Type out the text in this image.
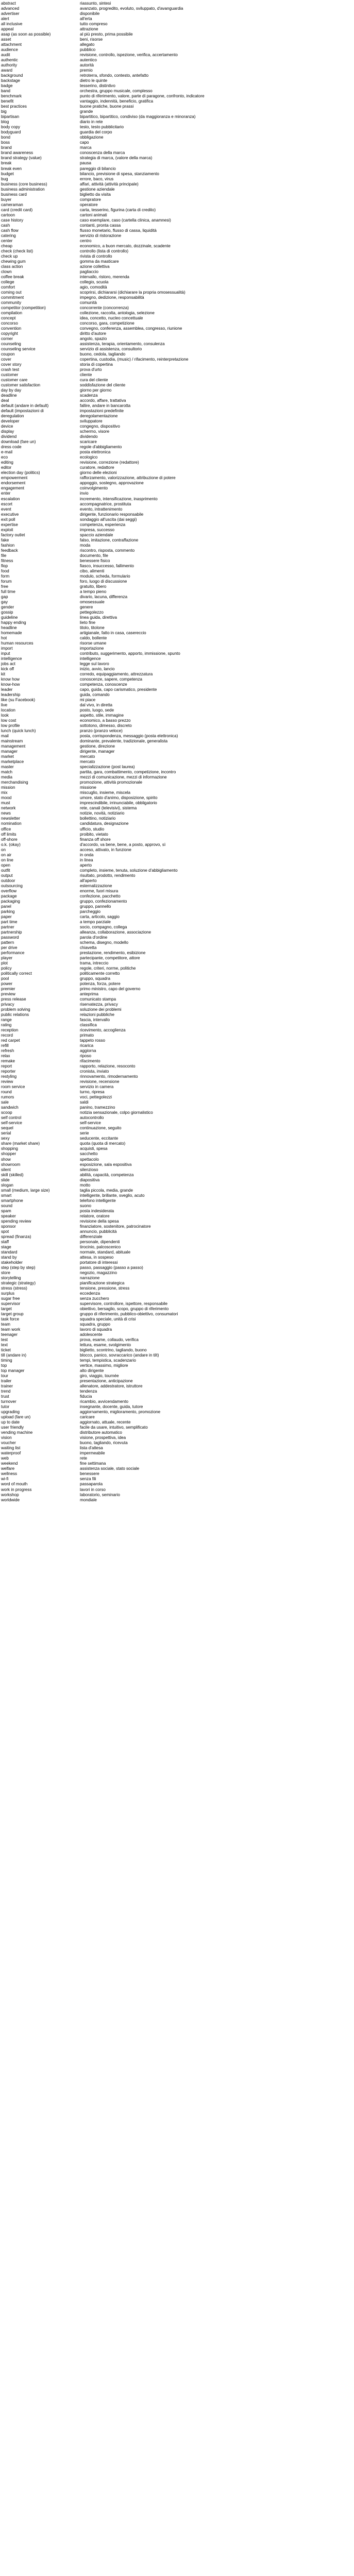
abstract	riassunto, sintesi
advanced	avanzato, progredito, evoluto, sviluppato, d'avanguardia
advertiser	disponibile
alert	all'erta
all inclusive	tutto compreso
appeal	attrazione
asap (as soon as possible)	al più presto, prima possibile
asset	beni, risorse
attachment	allegato
audience	pubblico
audit	revisione, controllo, ispezione, verifica, accertamento
authentic	autentico
authority	autorità
award	premio
background	retroterra, sfondo, contesto, antefatto
backstage	dietro le quinte
badge	tesserino, distintivo
band	orchestra, gruppo musicale, complesso
benchmark	punto di riferimento, valore, parte di paragone, confronto, indicatore
benefit	vantaggio, indennità, beneficio, gratifica
best practices	buone pratiche, buone prassi
big	grande
bipartisan	bipartitico, bipartitico, condiviso (da maggioranza e minoranza)
blog	diario in rete
body copy	testo, testo pubblicitario
bodyguard	guardia del corpo
bond	obbligazione
boss	capo
brand	marca
brand awareness	conoscenza della marca
brand strategy (value)	strategia di marca, (valore della marca)
break	pausa
break even	pareggio di bilancio
budget	bilancio, previsione di spesa, stanziamento
bug	errore, baco, virus
business (core business)	affari, attività (attività principale)
business administration	gestione aziendale
business card	biglietto da visita
buyer	compratore
cameraman	operatore
card (credit card)	carta, tesserino, figurina (carta di credito)
cartoon	cartoni animati
case history	caso esemplare, caso (cartella clinica, anamnesi)
cash	contanti, pronta cassa
cash flow	flusso monetario, flusso di cassa, liquidità
catering	servizio di ristorazione
center	centro
cheap	economico, a buon mercato, dozzinale, scadente
check (check list)	controllo (lista di controllo)
check up	rivista di controllo
chewing gum	gomma da masticare
class action	azione collettiva
clown	pagliaccio
coffee break	intervallo, ristoro, merenda
college	collegio, scuola
comfort	agio, comodità
coming out	scoprirsi, dichiararsi (dichiarare la propria omosessualità)
commitment	impegno, dedizione, responsabilità
community	comunità
competitor (competition)	concorrente (concorrenza)
compilation	collezione, raccolta, antologia, selezione
concept	idea, concetto, nucleo concettuale
concorso	concorso, gara, competizione
convention	convegno, conferenza, assemblea, congresso, riunione
copyright	diritto d'autore
corner	angolo, spazio
counseling	assistenza, terapia, orientamento, consulenza
counseling service	servizio di assistenza, consultorio
coupon	buono, cedola, tagliando
cover	copertina, custodia, (music) / rifacimento, reinterpretazione
cover story	storia di copertina
crash test	prova d'urto
customer	cliente
customer care	cura del cliente
customer satisfaction	soddisfazione del cliente
day by day	giorno per giorno
deadline	scadenza
deal	accordo, affare, trattativa
default (andare in default)	fallire, andare in bancarotta
default (impostazioni di	impostazioni predefinite
deregulation	deregolamentazione
developer	sviluppatore
device	congegno, dispositivo
display	schermo, visore
dividend	dividendo
download (fare un)	scaricare
dress code	regole d'abbigliamento
e-mail	posta elettronica
eco	ecologico
editing	revisione, correzione (redattore)
editor	curatore, redattore
election day (politics)	giorno delle elezioni
empowerment	rafforzamento, valorizzazione, attribuzione di potere
endorsement	appoggio, sostegno, approvazione
engagement	coinvolgimento
enter	invio
escalation	incremento, intensificazione, inasprimento
escort	accompagnatrice, prostituta
event	evento, intrattenimento
executive	dirigente, funzionario responsabile
exit poll	sondaggio all'uscita (dai seggi)
expertise	competenza, esperienza
exploit	impresa, successo
factory outlet	spaccio aziendale
fake	falso, imitazione, contraffazione
fashion	moda
feedback	riscontro, risposta, commento
file	documento, file
fitness	benessere fisico
flop	fiasco, insuccesso, fallimento
food	cibo, alimenti
form	modulo, scheda, formulario
forum	foro, luogo di discussione
free	gratuito, libero
full time	a tempo pieno
gap	divario, lacuna, differenza
gay	omosessuale
gender	genere
gossip	pettegolezzo
guideline	linea guida, direttiva
happy ending	lieto fine
headline	titolo, titolone
homemade	artigianale, fatto in casa, casereccio
hot	caldo, bollente
human resources	risorse umane
import	importazione
input	contributo, suggerimento, apporto, immissione, spunto
intelligence	intelligence
jobs act	legge sul lavoro
kick off	inizio, avvio, lancio
kit	corredo, equipaggiamento, attrezzatura
know how	conoscenze, sapere, competenza
know-how	competenza, conoscenze
leader	capo, guida, capo carismatico, presidente
leadership	guida, comando
like (su Facebook)	mi piace
live	dal vivo, in diretta
location	posto, luogo, sede
look	aspetto, stile, immagine
low cost	economico, a basso prezzo
low profile	sottotono, dimesso, discreto
lunch (quick lunch)	pranzo (pranzo veloce)
mail	posta, corrispondenza, messaggio (posta elettronica)
mainstream	dominante, prevalente, tradizionale, generalista
management	gestione, direzione
manager	dirigente, manager
market	mercato
marketplace	mercato
master	specializzazione (post laurea)
match	partita, gara, combattimento, competizione, incontro
media	mezzi di comunicazione, mezzi di informazione
merchandising	promozione, attività promozionale
mission	missione
mix	miscuglio, insieme, miscela
mood	umore, stato d'animo, disposizione, spirito
must	imprescindibile, irrinunciabile, obbligatorio
network	rete, canali (televisivi), sistema
news	notizie, novità, notiziario
newsletter	bollettino, notiziario
nomination	candidatura, designazione
office	ufficio, studio
off limits	proibito, vietato
off-shore	finanza off shore
o.k. (okay)	d'accordo, va bene, bene, a posto, approvo, sì
on	acceso, attivato, in funzione
on air	in onda
on line	in linea
open	aperto
outfit	completo, insieme, tenuta, soluzione d'abbigliamento
output	risultato, prodotto, rendimento
outdoor	all'aperto
outsourcing	esternalizzazione
overflow	enorme, fuori misura
package	confezione, pacchetto
packaging	gruppo, confezionamento
panel	gruppo, pannello
parking	parcheggio
paper	carta, articolo, saggio
part time	a tempo parziale
partner	socio, compagno, collega
partnership	alleanza, collaborazione, associazione
password	parola d'ordine
pattern	schema, disegno, modello
per drive	chiavetta
performance	prestazione, rendimento, esibizione
player	partecipante, competitore, attore
plot	trama, intreccio
policy	regole, criteri, norme, politiche
politically correct	politicamente corretto
pool	gruppo, squadra
power	potenza, forza, potere
premier	primo ministro, capo del governo
preview	anteprima
press release	comunicato stampa
privacy	riservatezza, privacy
problem solving	soluzione dei problemi
public relations	relazioni pubbliche
range	fascia, intervallo
rating	classifica
reception	ricevimento, accoglienza
record	primato
red carpet	tappeto rosso
refill	ricarica
refresh	aggiorna
relax	riposo
remake	rifacimento
report	rapporto, relazione, resoconto
reporter	cronista, inviato
restyling	rinnovamento, rimodernamento
review	revisione, recensione
room service	servizio in camera
round	turno, ripresa
rumors	voci, pettegolezzi
sale	saldi
sandwich	panino, tramezzino
scoop	notizia sensazionale, colpo giornalistico
self control	autocontrollo
self-service	self-service
sequel	continuazione, seguito
serial	serie
sexy	seducente, eccitante
share (market share)	quota (quota di mercato)
shopping	acquisti, spesa
shopper	sacchetto
show	spettacolo
showroom	esposizione, sala espositiva
silent	silenzioso
skill (skilled)	abilità, capacità, competenza
slide	diapositiva
slogan	motto
small (medium, large size)	taglia piccola, media, grande
smart	intelligente, brillante, sveglio, acuto
smartphone	telefono intelligente
sound	suono
spam	posta indesiderata
speaker	relatore, oratore
spending review	revisione della spesa
sponsor	finanziatore, sostenitore, patrocinatore
spot	annuncio, pubblicità
spread (finanza)	differenziale
staff	personale, dipendenti
stage	tirocinio, palcoscenico
standard	normale, standard, abituale
stand by	attesa, in sospeso
stakeholder	portatore di interessi
step (step by step)	passo, passaggio (passo a passo)
store	negozio, magazzino
storytelling	narrazione
strategic (strategy)	pianificazione strategica
stress (stress)	tensione, pressione, stress
surplus	eccedenza
sugar free	senza zucchero
supervisor	supervisore, controllore, ispettore, responsabile
target	obiettivo, bersaglio, scopo, gruppo di riferimento
target group	gruppo di riferimento, pubblico-obiettivo, consumatori
task force	squadra speciale, unità di crisi
team	squadra, gruppo
team work	lavoro di squadra
teenager	adolescente
test	prova, esame, collaudo, verifica
text	lettura, esame, svolgimento
ticket	biglietto, scontrino, tagliando, buono
till (andare in)	blocco, panico, sovraccarico (andare in tilt)
timing	tempi, tempistica, scadenzario
top	vertice, massimo, migliore
top manager	alto dirigente
tour	giro, viaggio, tournée
trailer	presentazione, anticipazione
trainer	allenatore, addestratore, istruttore
trend	tendenza
trust	fiducia
turnover	ricambio, avvicendamento
tutor	insegnante, docente, guida, tutore
upgrading	aggiornamento, miglioramento, promozione
upload (fare un)	caricare
up to date	aggiornato, attuale, recente
user friendly	facile da usare, intuitivo, semplificato
vending machine	distributore automatico
vision	visione, prospettiva, idea
voucher	buono, tagliando, ricevuta
waiting list	lista d'attesa
waterproof	impermeabile
web	rete
weekend	fine settimana
welfare	assistenza sociale, stato sociale
wellness	benessere
wi-fi	senza fili
word of mouth	passaparola
work in progress	lavori in corso
workshop	laboratorio, seminario
worldwide	mondiale
